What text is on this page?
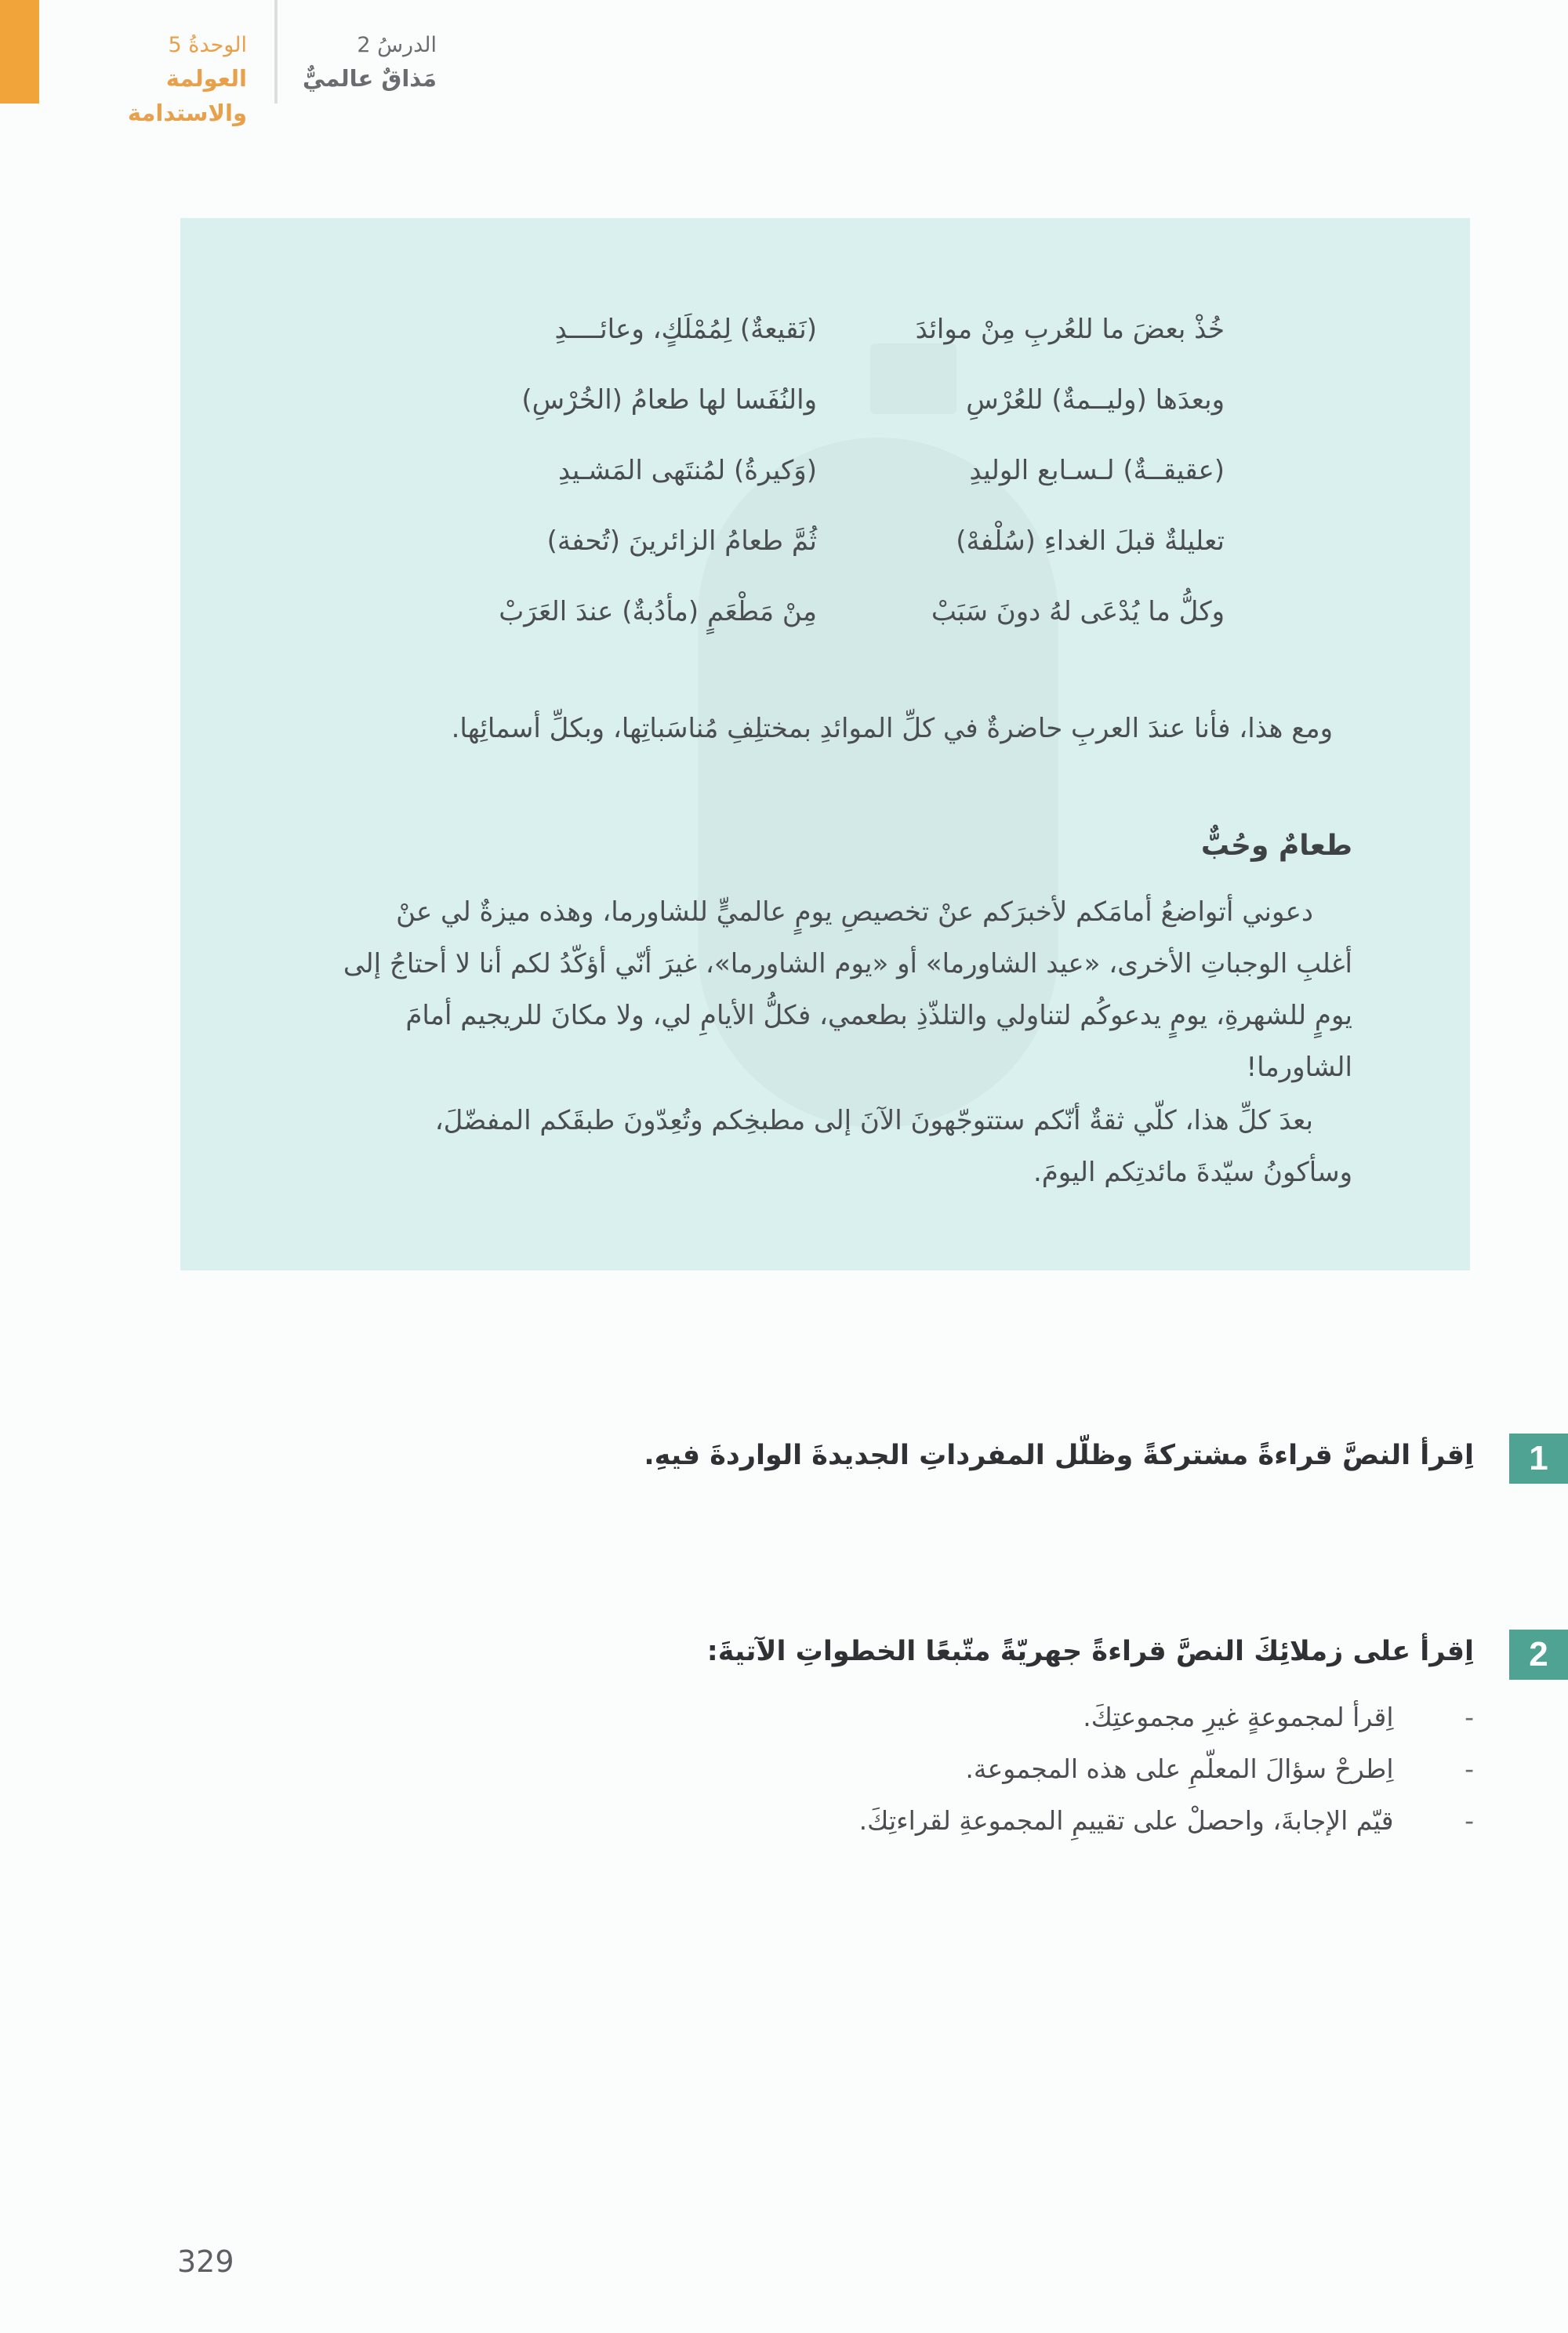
الوحدةُ 5
العولمة والاستدامة
الدرسُ 2
مَذاقٌ عالميٌّ
خُذْ بعضَ ما للعُربِ مِنْ موائدَ
(نَقيعةٌ) لِمُمْلَكٍ، وعائــــدِ
وبعدَها (وليــمةٌ) للعُرْسِ
والنُفَسا لها طعامُ (الخُرْسِ)
(عقيقــةٌ) لـسـابع الوليدِ
(وَكيرةُ) لمُنتَهى المَشـيدِ
تعليلةٌ قبلَ الغداءِ (سُلْفهْ)
ثُمَّ طعامُ الزائرينَ (تُحفة)
وكلُّ ما يُدْعَى لهُ دونَ سَبَبْ
مِنْ مَطْعَمٍ (مأدُبةٌ) عندَ العَرَبْ
ومع هذا، فأنا عندَ العربِ حاضرةٌ في كلِّ الموائدِ بمختلِفِ مُناسَباتِها، وبكلِّ أسمائِها.
طعامٌ وحُبٌّ
دعوني أتواضعُ أمامَكم لأخبرَكم عنْ تخصيصِ يومٍ عالميٍّ للشاورما، وهذه ميزةٌ لي عنْ
أغلبِ الوجباتِ الأخرى، «عيد الشاورما» أو «يوم الشاورما»، غيرَ أنّي أؤكّدُ لكم أنا لا أحتاجُ إلى
يومٍ للشهرةِ، يومٍ يدعوكُم لتناولي والتلذّذِ بطعمي، فكلُّ الأيامِ لي، ولا مكانَ للريجيم أمامَ
الشاورما!
بعدَ كلِّ هذا، كلّي ثقةٌ أنّكم ستتوجّهونَ الآنَ إلى مطبخِكم وتُعِدّونَ طبقَكم المفضّلَ،
وسأكونُ سيّدةَ مائدتِكم اليومَ.
1
اِقرأ النصَّ قراءةً مشتركةً وظلّل المفرداتِ الجديدةَ الواردةَ فيهِ.
2
اِقرأ على زملائِكَ النصَّ قراءةً جهريّةً متّبعًا الخطواتِ الآتيةَ:
- اِقرأ لمجموعةٍ غيرِ مجموعتِكَ.
- اِطرحْ سؤالَ المعلّمِ على هذه المجموعة.
- قيّم الإجابةَ، واحصلْ على تقييمِ المجموعةِ لقراءتِكَ.
329
